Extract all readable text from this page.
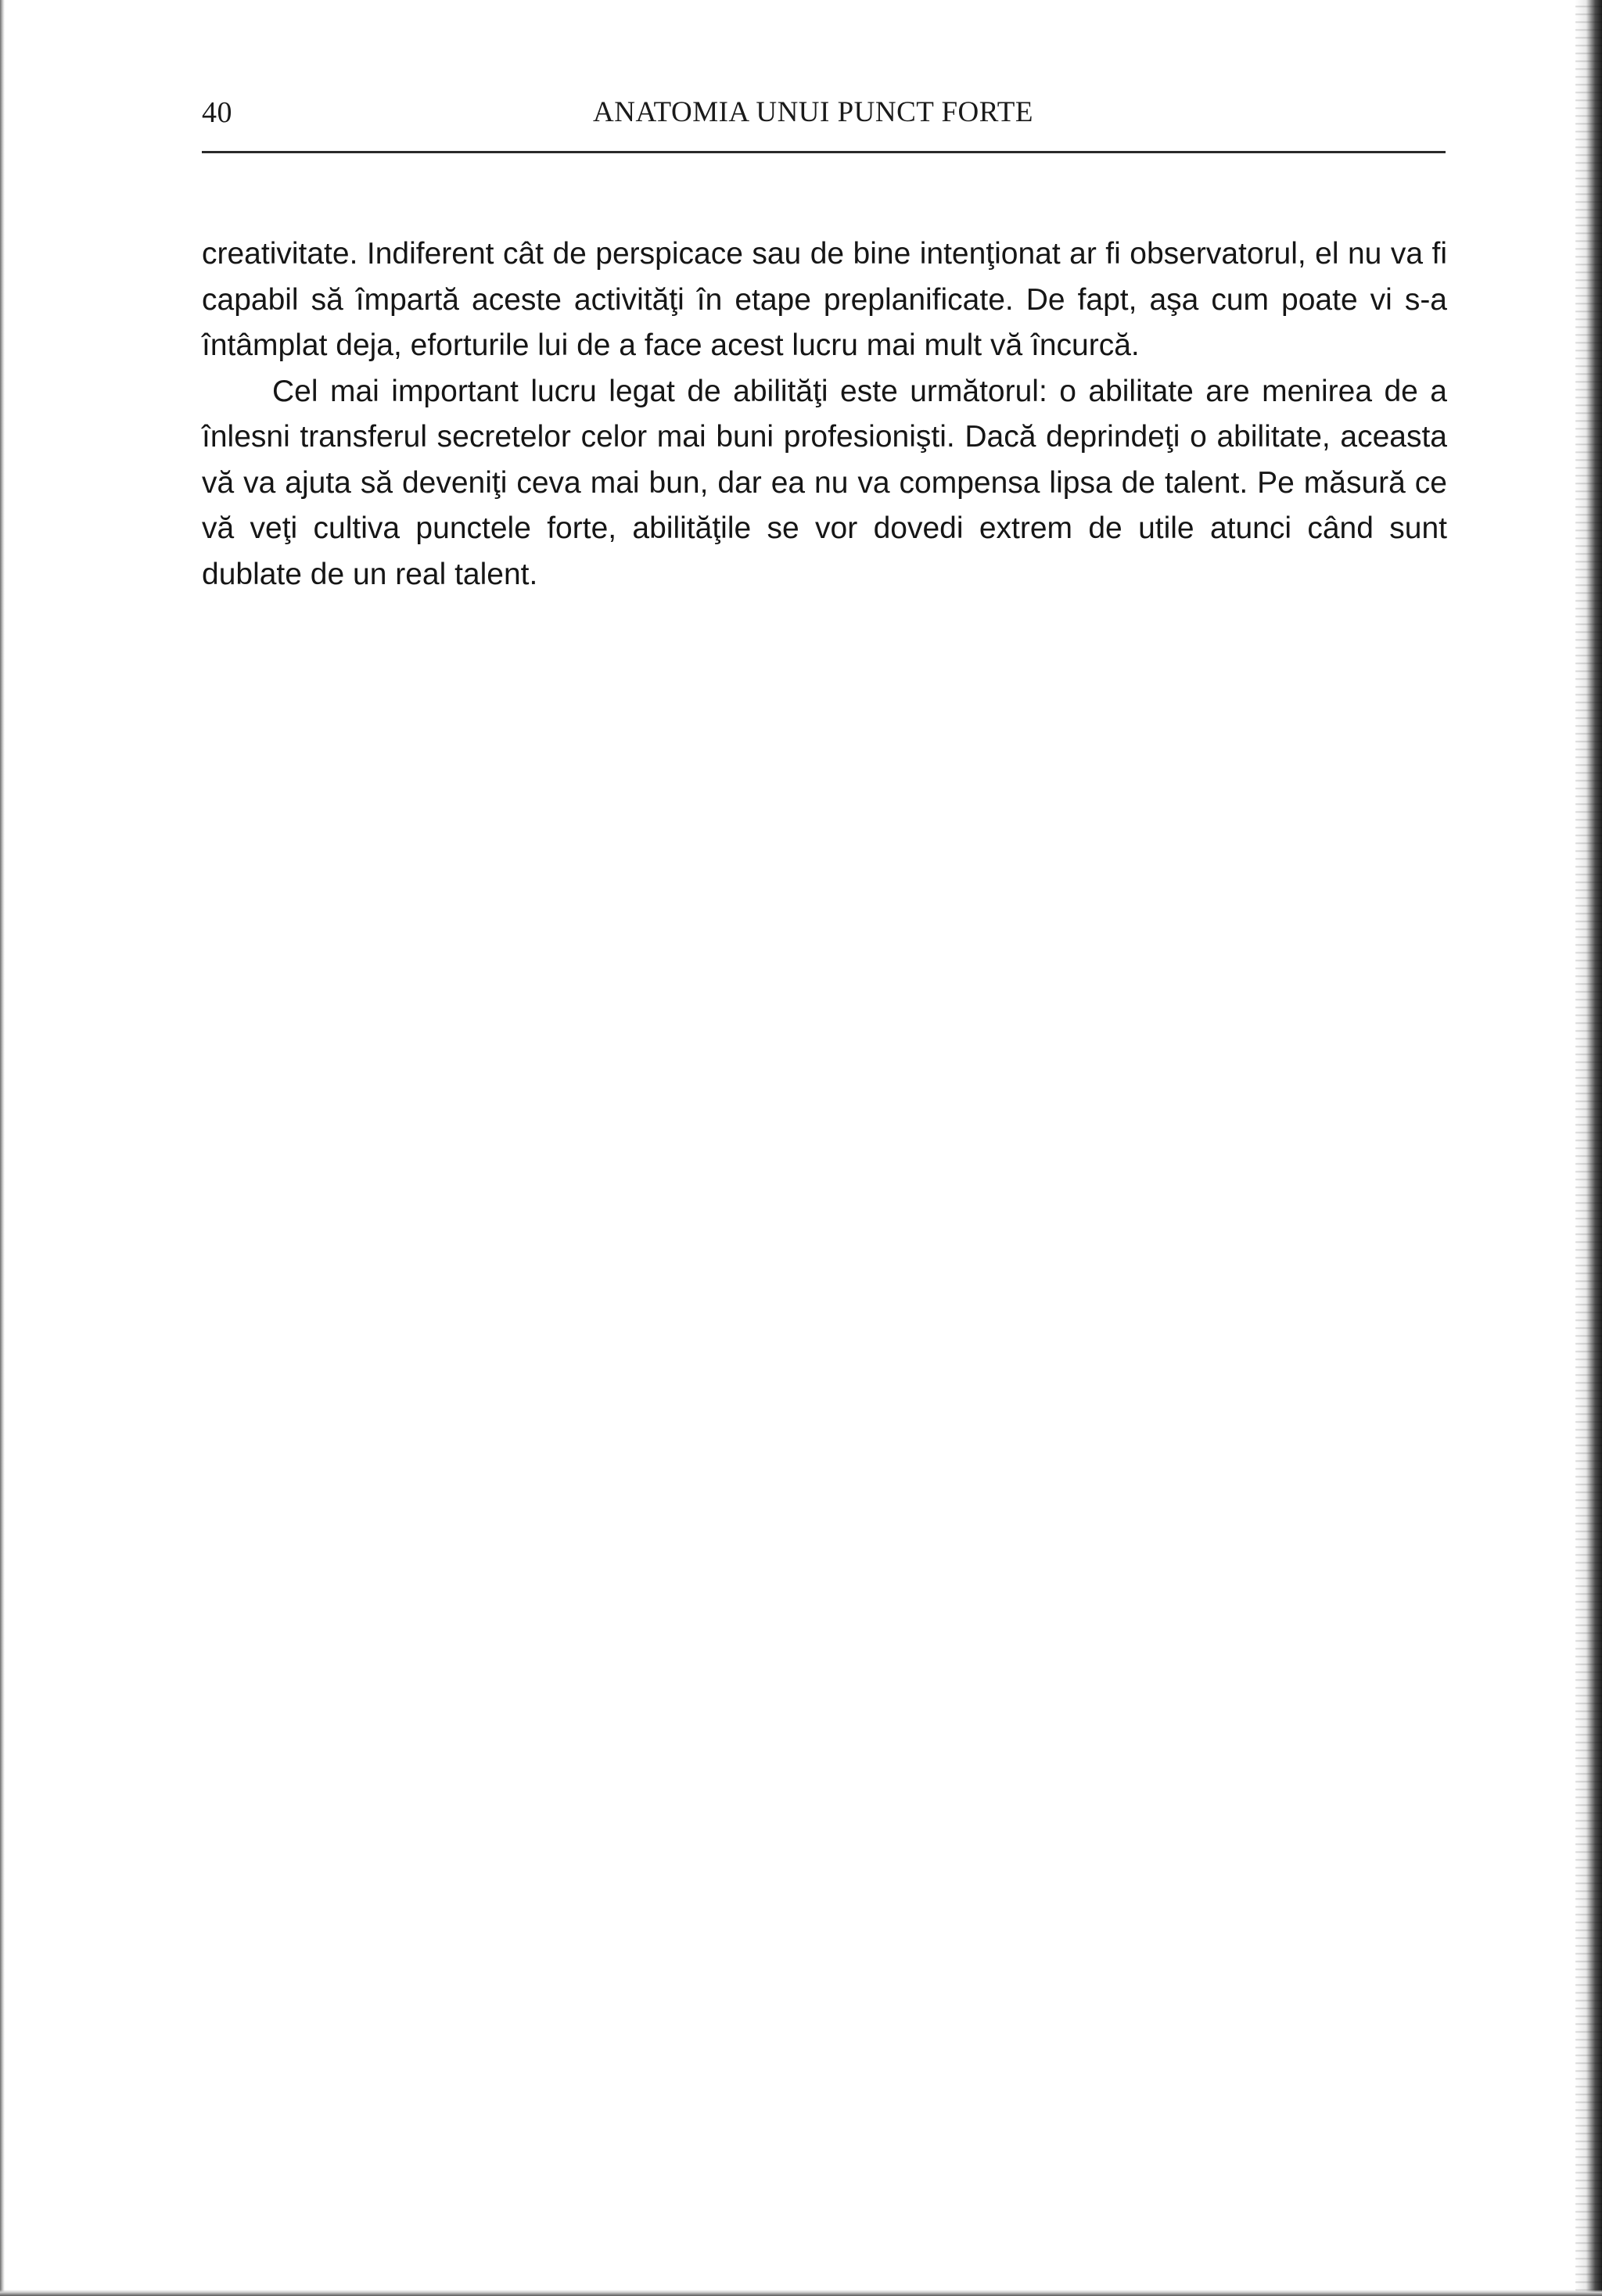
40	ANATOMIA UNUI PUNCT FORTE

creativitate. Indiferent cât de perspicace sau de bine intenţionat ar fi observatorul, el nu va fi capabil să împartă aceste activităţi în etape preplanificate. De fapt, aşa cum poate vi s-a întâmplat deja, eforturile lui de a face acest lucru mai mult vă încurcă.

Cel mai important lucru legat de abilităţi este următorul: o abilitate are menirea de a înlesni transferul secretelor celor mai buni profesionişti. Dacă deprindeţi o abilitate, aceasta vă va ajuta să deveniţi ceva mai bun, dar ea nu va compensa lipsa de talent. Pe măsură ce vă veţi cultiva punctele forte, abilităţile se vor dovedi extrem de utile atunci când sunt dublate de un real talent.
